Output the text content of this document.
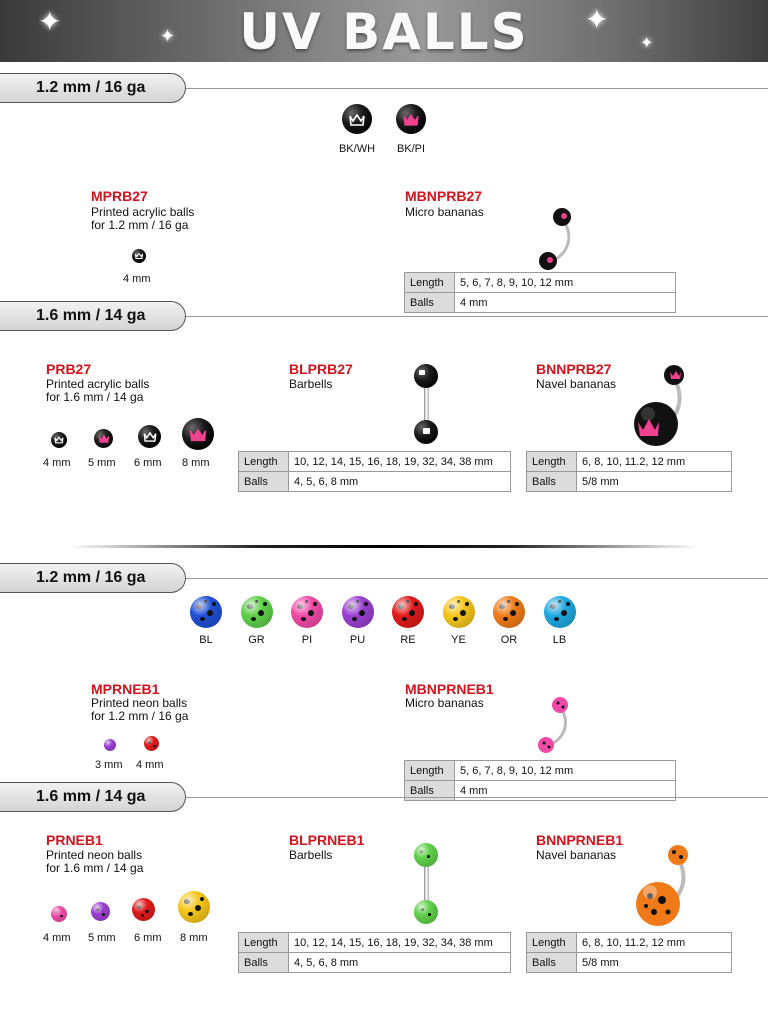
✦	✦
✦
✦
UV BALLS
1.2 mm / 16 ga
BK/WH	BK/PI
MPRB27
Printed acrylic balls
for 1.2 mm / 16 ga
4 mm
MBNPRB27
Micro bananas
Length	5, 6, 7, 8, 9, 10, 12 mm
Balls	4 mm
1.6 mm / 14 ga
PRB27
Printed acrylic balls
for 1.6 mm / 14 ga
4 mm 5 mm 6 mm 8 mm
BLPRB27
Barbells
Length	10, 12, 14, 15, 16, 18, 19, 32, 34, 38 mm
Balls	4, 5, 6, 8 mm
BNNPRB27
Navel bananas
Length	6, 8, 10, 11.2, 12 mm
Balls	5/8 mm
1.2 mm / 16 ga
MPRNEB1
Printed neon balls
for 1.2 mm / 16 ga
3 mm 4 mm
MBNPRNEB1
Micro bananas
Length	5, 6, 7, 8, 9, 10, 12 mm
Balls	4 mm
1.6 mm / 14 ga
PRNEB1
Printed neon balls
for 1.6 mm / 14 ga
4 mm 5 mm 6 mm 8 mm
BLPRNEB1
Barbells
Length	10, 12, 14, 15, 16, 18, 19, 32, 34, 38 mm
Balls	4, 5, 6, 8 mm
BNNPRNEB1
Navel bananas
Length	6, 8, 10, 11.2, 12 mm
Balls	5/8 mm
BL	GR	PI	PU	RE	YE	OR	LB
